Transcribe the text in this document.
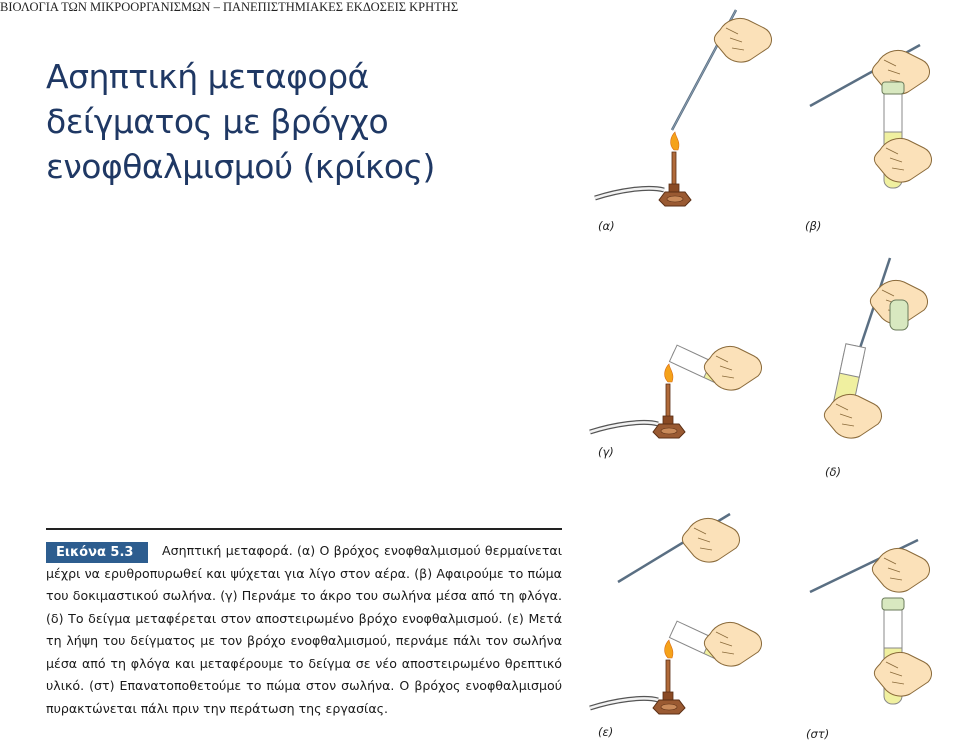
ΒΙΟΛΟΓΙΑ ΤΩΝ ΜΙΚΡΟΟΡΓΑΝΙΣΜΩΝ – ΠΑΝΕΠΙΣΤΗΜΙΑΚΕΣ ΕΚΔΟΣΕΙΣ ΚΡΗΤΗΣ
Ασηπτική μεταφορά
δείγματος με βρόγχο
ενοφθαλμισμού (κρίκος)
Εικόνα 5.3	Ασηπτική μεταφορά. (α) Ο βρόχος ενοφθαλμισμού θερμαίνεται μέχρι να ερυθροπυρωθεί και ψύχεται για λίγο στον αέρα. (β) Αφαιρούμε το πώμα του δοκιμαστικού σωλήνα. (γ) Περνάμε το άκρο του σωλήνα μέσα από τη φλόγα. (δ) Το δείγμα μεταφέρεται στον αποστειρωμένο βρόχο ενοφθαλμισμού. (ε) Μετά τη λήψη του δείγματος με τον βρόχο ενοφθαλμισμού, περνάμε πάλι τον σωλήνα μέσα από τη φλόγα και μεταφέρουμε το δείγμα σε νέο αποστειρωμένο θρεπτικό υλικό. (στ) Επανατοποθετούμε το πώμα στον σωλήνα. Ο βρόχος ενοφθαλμισμού πυρακτώνεται πάλι πριν την περάτωση της εργασίας.

(α)	(β)
(γ)
(δ)
(ε)	(στ)
